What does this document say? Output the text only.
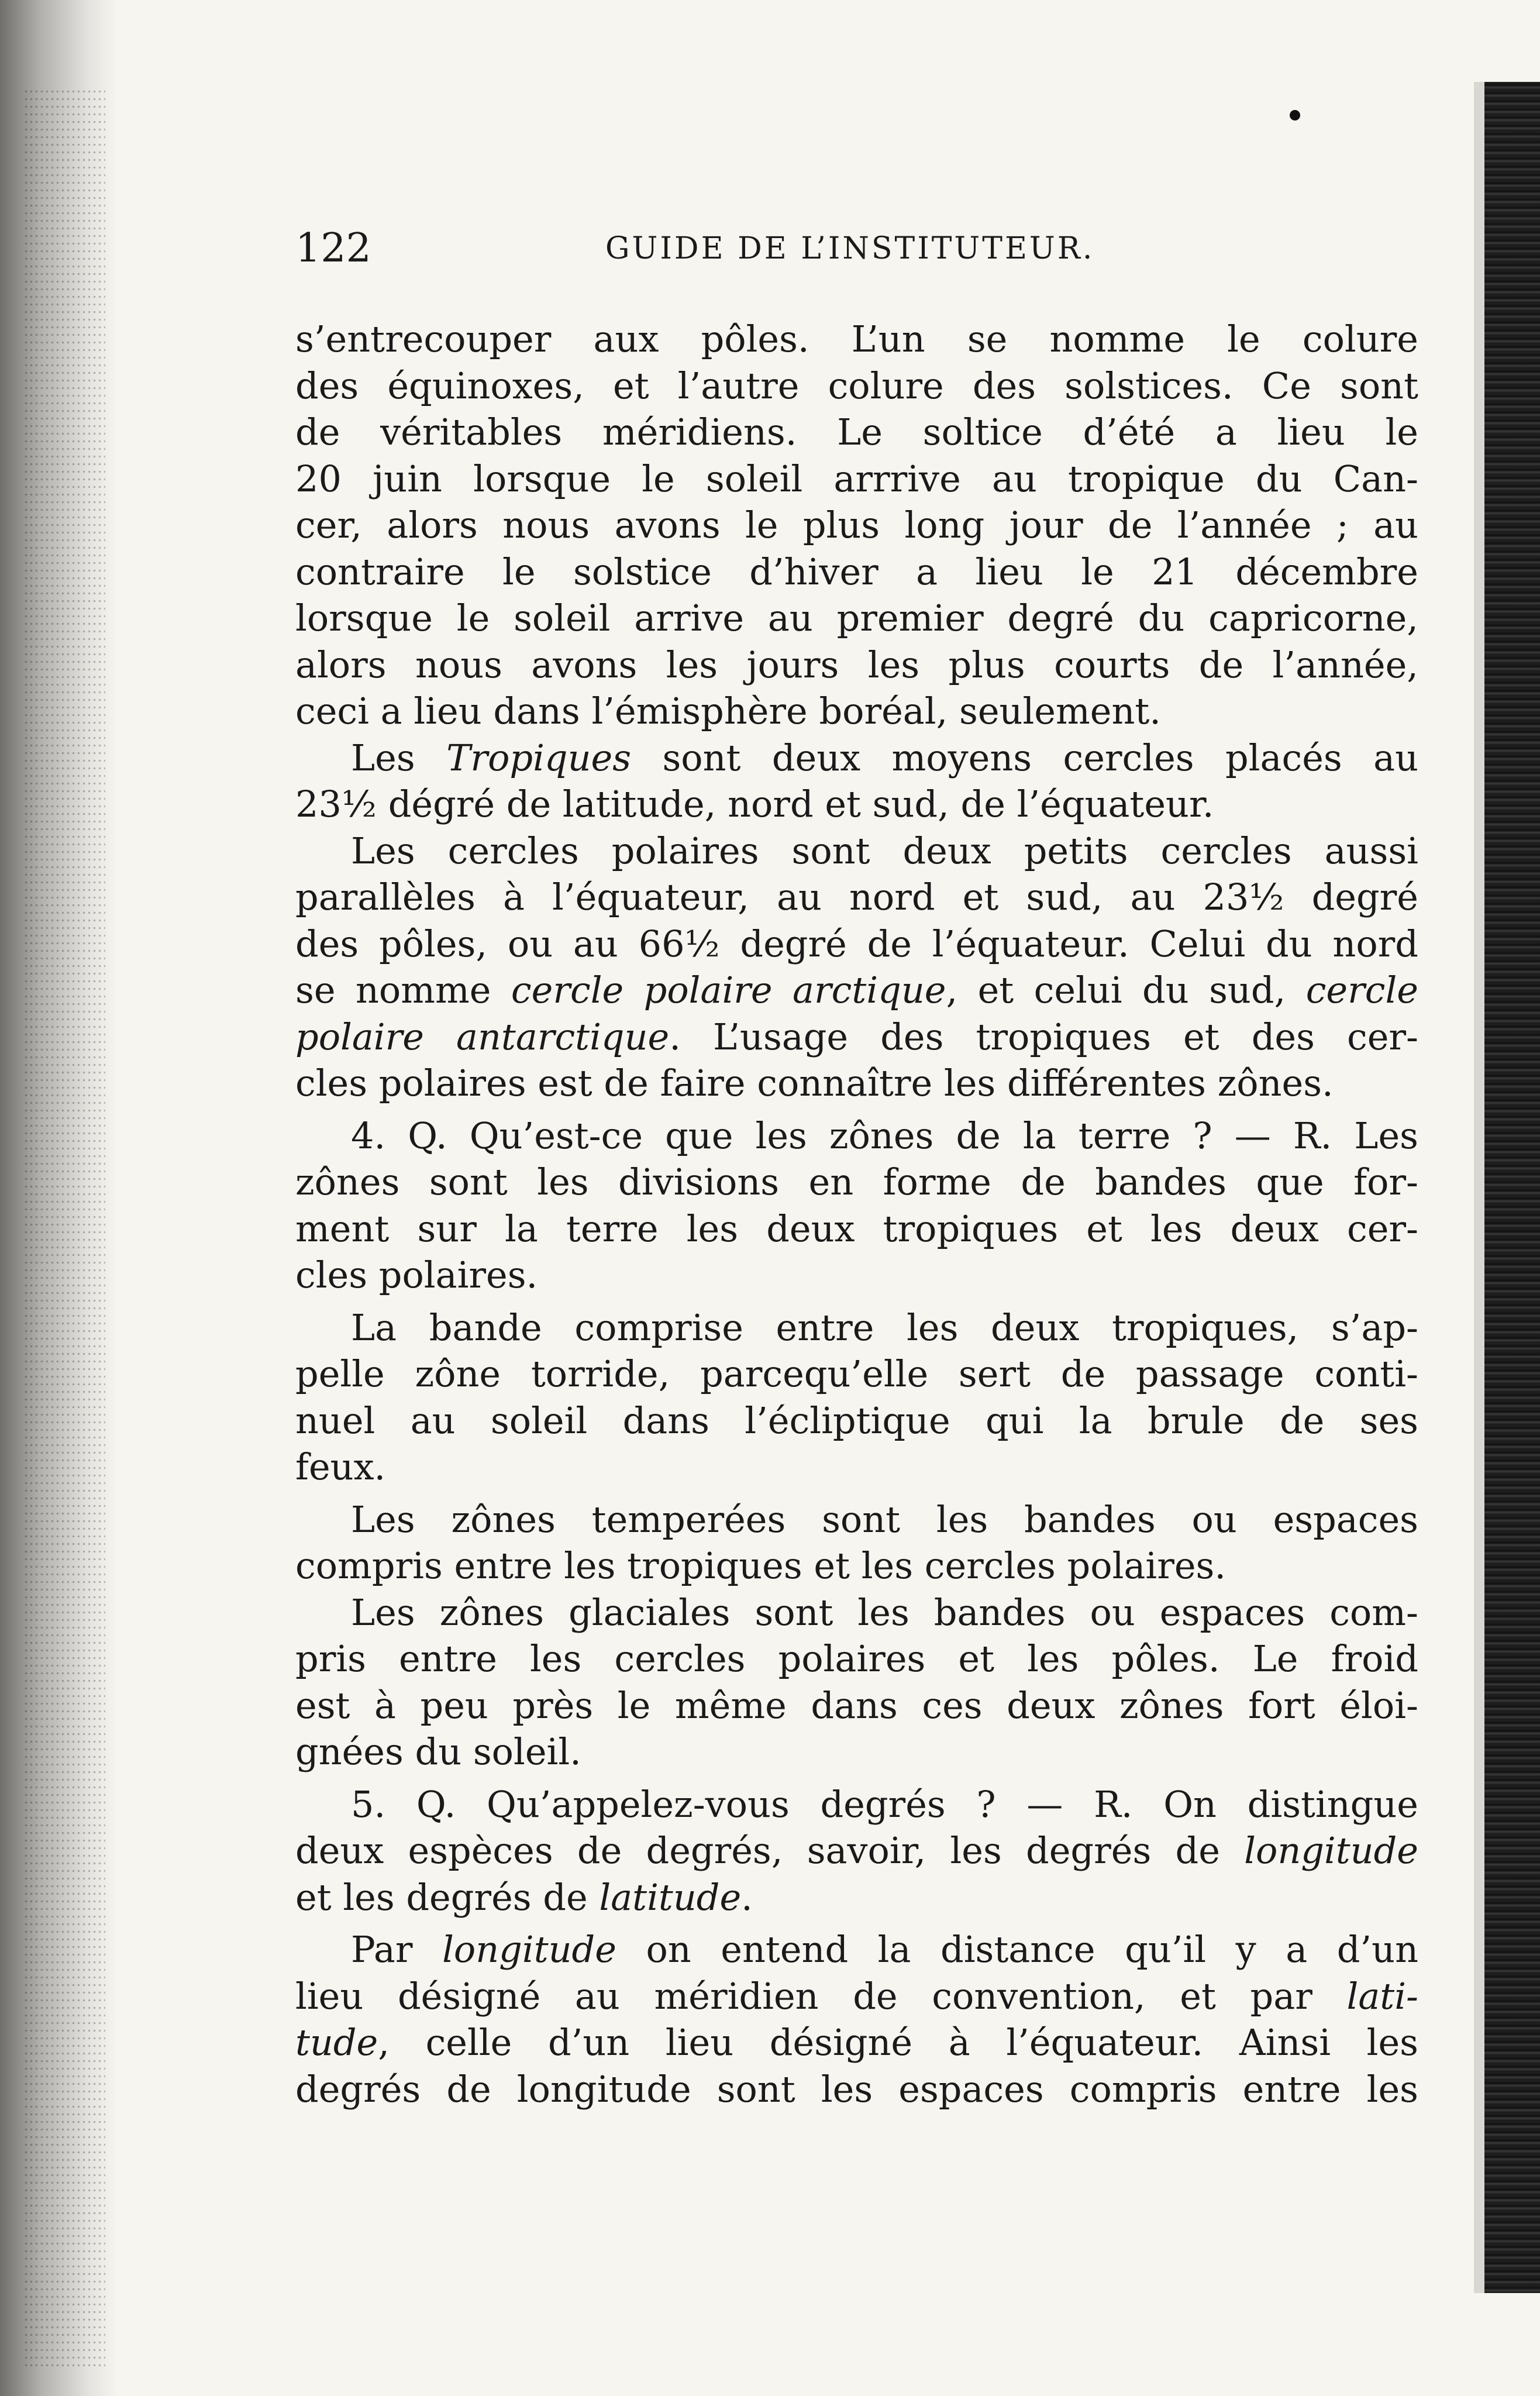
122	GUIDE DE L’INSTITUTEUR.
s’entrecouper aux pôles. L’un se nomme le colure
des équinoxes, et l’autre colure des solstices. Ce sont
de véritables méridiens. Le soltice d’été a lieu le
20 juin lorsque le soleil arrrive au tropique du Can-
cer, alors nous avons le plus long jour de l’année ; au
contraire le solstice d’hiver a lieu le 21 décembre
lorsque le soleil arrive au premier degré du capricorne,
alors nous avons les jours les plus courts de l’année,
ceci a lieu dans l’émisphère boréal, seulement.
Les Tropiques sont deux moyens cercles placés au
23½ dégré de latitude, nord et sud, de l’équateur.
Les cercles polaires sont deux petits cercles aussi
parallèles à l’équateur, au nord et sud, au 23½ degré
des pôles, ou au 66½ degré de l’équateur. Celui du nord
se nomme cercle polaire arctique, et celui du sud, cercle
polaire antarctique. L’usage des tropiques et des cer-
cles polaires est de faire connaître les différentes zônes.
4. Q. Qu’est-ce que les zônes de la terre ? — R. Les
zônes sont les divisions en forme de bandes que for-
ment sur la terre les deux tropiques et les deux cer-
cles polaires.
La bande comprise entre les deux tropiques, s’ap-
pelle zône torride, parcequ’elle sert de passage conti-
nuel au soleil dans l’écliptique qui la brule de ses
feux.
Les zônes temperées sont les bandes ou espaces
compris entre les tropiques et les cercles polaires.
Les zônes glaciales sont les bandes ou espaces com-
pris entre les cercles polaires et les pôles. Le froid
est à peu près le même dans ces deux zônes fort éloi-
gnées du soleil.
5. Q. Qu’appelez-vous degrés ? — R. On distingue
deux espèces de degrés, savoir, les degrés de longitude
et les degrés de latitude.
Par longitude on entend la distance qu’il y a d’un
lieu désigné au méridien de convention, et par lati-
tude, celle d’un lieu désigné à l’équateur. Ainsi les
degrés de longitude sont les espaces compris entre les
